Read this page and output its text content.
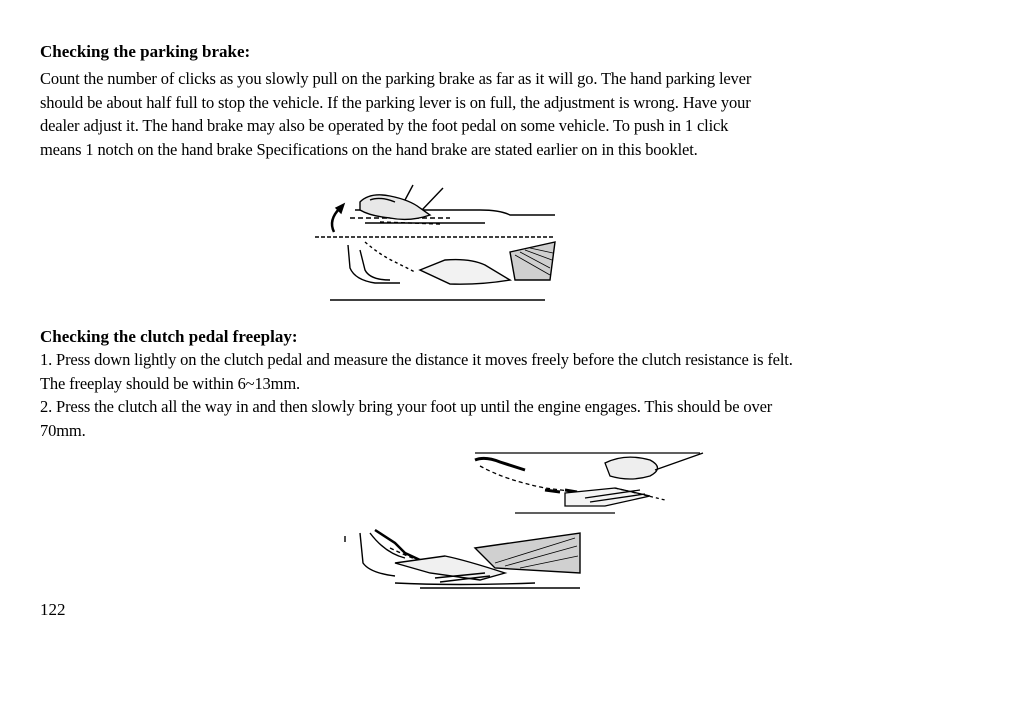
Checking the parking brake:
Count the number of clicks as you slowly pull on the parking brake as far as it will go. The hand parking lever
should be about half full to stop the vehicle. If the parking lever is on full, the adjustment is wrong. Have your
dealer adjust it. The hand brake may also be operated by the foot pedal on some vehicle. To push in 1 click
means 1 notch on the hand brake Specifications on the hand brake are stated earlier on in this booklet.
Checking the clutch pedal freeplay:
1. Press down lightly on the clutch pedal and measure the distance it moves freely before the clutch resistance is felt.
The freeplay should be within 6~13mm.
2. Press the clutch all the way in and then slowly bring your foot up until the engine engages. This should be over
70mm.
122
